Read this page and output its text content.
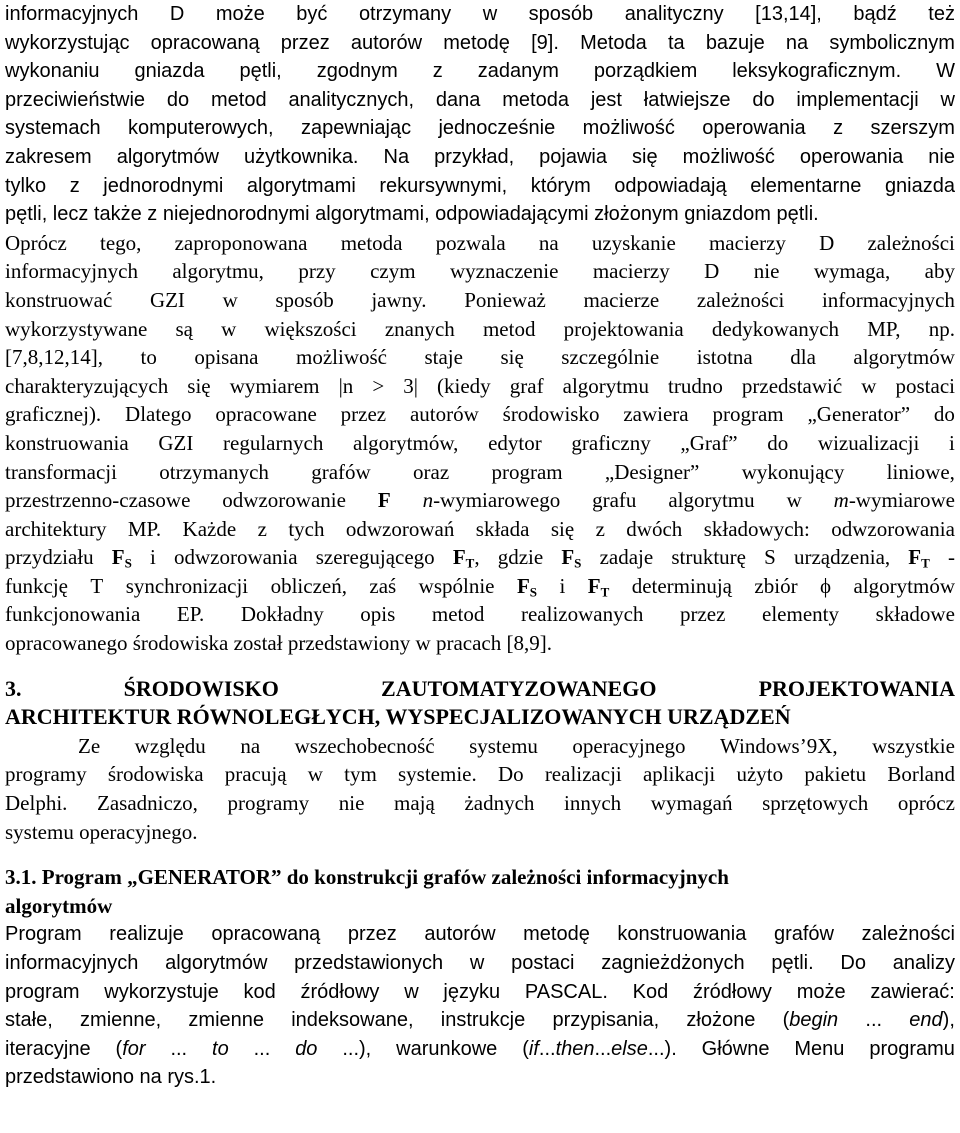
informacyjnych D może być otrzymany w sposób analityczny [13,14], bądź też
wykorzystując opracowaną przez autorów metodę [9]. Metoda ta bazuje na symbolicznym
wykonaniu gniazda pętli, zgodnym z zadanym porządkiem leksykograficznym. W
przeciwieństwie do metod analitycznych, dana metoda jest łatwiejsze do implementacji w
systemach komputerowych, zapewniając jednocześnie możliwość operowania z szerszym
zakresem algorytmów użytkownika. Na przykład, pojawia się możliwość operowania nie
tylko z jednorodnymi algorytmami rekursywnymi, którym odpowiadają elementarne gniazda
pętli, lecz także z niejednorodnymi algorytmami, odpowiadającymi złożonym gniazdom pętli.
Oprócz tego, zaproponowana metoda pozwala na uzyskanie macierzy D zależności
informacyjnych algorytmu, przy czym wyznaczenie macierzy D nie wymaga, aby
konstruować GZI w sposób jawny. Ponieważ macierze zależności informacyjnych
wykorzystywane są w większości znanych metod projektowania dedykowanych MP, np.
[7,8,12,14], to opisana możliwość staje się szczególnie istotna dla algorytmów
charakteryzujących się wymiarem |n > 3| (kiedy graf algorytmu trudno przedstawić w postaci
graficznej). Dlatego opracowane przez autorów środowisko zawiera program „Generator” do
konstruowania GZI regularnych algorytmów, edytor graficzny „Graf” do wizualizacji i
transformacji otrzymanych grafów oraz program „Designer” wykonujący liniowe,
przestrzenno-czasowe odwzorowanie F n-wymiarowego grafu algorytmu w m-wymiarowe
architektury MP. Każde z tych odwzorowań składa się z dwóch składowych: odwzorowania
przydziału $F_S$ i odwzorowania szeregującego $F_T$, gdzie $F_S$ zadaje strukturę S urządzenia, $F_T$ -
funkcję T synchronizacji obliczeń, zaś wspólnie $F_S$ i $F_T$ determinują zbiór ϕ algorytmów
funkcjonowania EP. Dokładny opis metod realizowanych przez elementy składowe
opracowanego środowiska został przedstawiony w pracach [8,9].
3.	ŚRODOWISKO	ZAUTOMATYZOWANEGO	PROJEKTOWANIA
ARCHITEKTUR RÓWNOLEGŁYCH, WYSPECJALIZOWANYCH URZĄDZEŃ
Ze względu na wszechobecność systemu operacyjnego Windows’9X, wszystkie
programy środowiska pracują w tym systemie. Do realizacji aplikacji użyto pakietu Borland
Delphi. Zasadniczo, programy nie mają żadnych innych wymagań sprzętowych oprócz
systemu operacyjnego.
3.1. Program „GENERATOR” do konstrukcji grafów zależności informacyjnych
algorytmów
Program realizuje opracowaną przez autorów metodę konstruowania grafów zależności
informacyjnych algorytmów przedstawionych w postaci zagnieżdżonych pętli. Do analizy
program wykorzystuje kod źródłowy w języku PASCAL. Kod źródłowy może zawierać:
stałe, zmienne, zmienne indeksowane, instrukcje przypisania, złożone (begin ... end),
iteracyjne (for ... to ... do ...), warunkowe (if...then...else...). Główne Menu programu
przedstawiono na rys.1.
